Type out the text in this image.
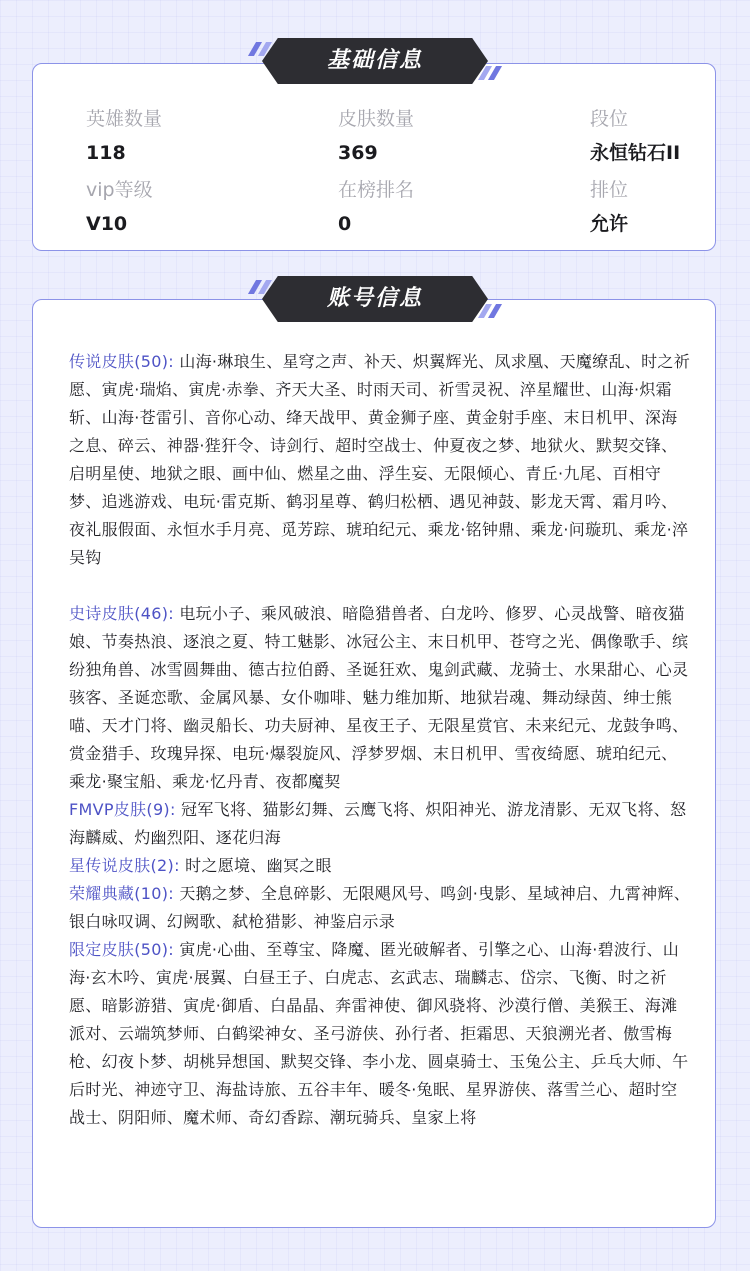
英雄数量	皮肤数量	段位
118	369	永恒钻石II
vip等级	在榜排名	排位
V10	0	允许
基础信息

传说皮肤(50): 山海·琳琅生、星穹之声、补天、炽翼辉光、凤求凰、天魔缭乱、时之祈愿、寅虎·瑞焰、寅虎·赤拳、齐天大圣、时雨天司、祈雪灵祝、淬星耀世、山海·炽霜斩、山海·苍雷引、音你心动、绛天战甲、黄金狮子座、黄金射手座、末日机甲、深海之息、碎云、神器·狴犴令、诗剑行、超时空战士、仲夏夜之梦、地狱火、默契交锋、启明星使、地狱之眼、画中仙、燃星之曲、浮生妄、无限倾心、青丘·九尾、百相守梦、追逃游戏、电玩·雷克斯、鹤羽星尊、鹤归松栖、遇见神鼓、影龙天霄、霜月吟、夜礼服假面、永恒水手月亮、觅芳踪、琥珀纪元、乘龙·铭钟鼎、乘龙·问璇玑、乘龙·淬吴钩

史诗皮肤(46): 电玩小子、乘风破浪、暗隐猎兽者、白龙吟、修罗、心灵战警、暗夜猫娘、节奏热浪、逐浪之夏、特工魅影、冰冠公主、末日机甲、苍穹之光、偶像歌手、缤纷独角兽、冰雪圆舞曲、德古拉伯爵、圣诞狂欢、鬼剑武藏、龙骑士、水果甜心、心灵骇客、圣诞恋歌、金属风暴、女仆咖啡、魅力维加斯、地狱岩魂、舞动绿茵、绅士熊喵、天才门将、幽灵船长、功夫厨神、星夜王子、无限星赏官、未来纪元、龙鼓争鸣、赏金猎手、玫瑰异探、电玩·爆裂旋风、浮梦罗烟、末日机甲、雪夜绮愿、琥珀纪元、乘龙·聚宝船、乘龙·忆丹青、夜都魔契

FMVP皮肤(9): 冠军飞将、猫影幻舞、云鹰飞将、炽阳神光、游龙清影、无双飞将、怒海麟威、灼幽烈阳、逐花归海

星传说皮肤(2): 时之愿境、幽冥之眼

荣耀典藏(10): 天鹅之梦、全息碎影、无限飓风号、鸣剑·曳影、星域神启、九霄神辉、银白咏叹调、幻阙歌、弑枪猎影、神鉴启示录

限定皮肤(50): 寅虎·心曲、至尊宝、降魔、匿光破解者、引擎之心、山海·碧波行、山海·玄木吟、寅虎·展翼、白昼王子、白虎志、玄武志、瑞麟志、岱宗、飞衡、时之祈愿、暗影游猎、寅虎·御盾、白晶晶、奔雷神使、御风骁将、沙漠行僧、美猴王、海滩派对、云端筑梦师、白鹤梁神女、圣弓游侠、孙行者、拒霜思、天狼溯光者、傲雪梅枪、幻夜卜梦、胡桃异想国、默契交锋、李小龙、圆桌骑士、玉兔公主、乒乓大师、午后时光、神迹守卫、海盐诗旅、五谷丰年、暖冬·兔眠、星界游侠、落雪兰心、超时空战士、阴阳师、魔术师、奇幻香踪、潮玩骑兵、皇家上将

账号信息
